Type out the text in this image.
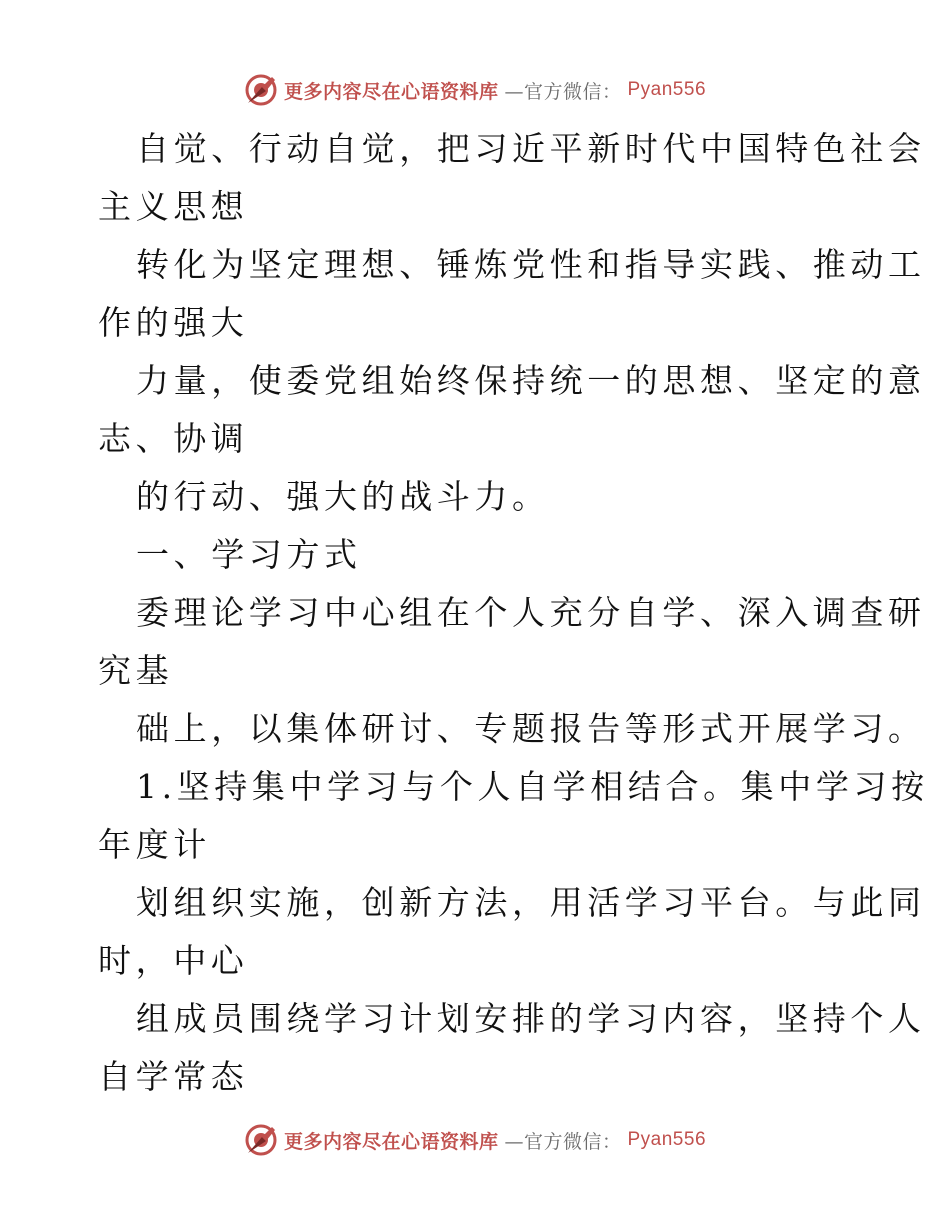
更多内容尽在心语资料库 —官方微信： Pyan556
自觉、行动自觉，把习近平新时代中国特色社会
主义思想
转化为坚定理想、锤炼党性和指导实践、推动工
作的强大
力量，使委党组始终保持统一的思想、坚定的意
志、协调
的行动、强大的战斗力。
一、学习方式
委理论学习中心组在个人充分自学、深入调查研
究基
础上，以集体研讨、专题报告等形式开展学习。
1.坚持集中学习与个人自学相结合。集中学习按
年度计
划组织实施，创新方法，用活学习平台。与此同
时，中心
组成员围绕学习计划安排的学习内容，坚持个人
自学常态
更多内容尽在心语资料库 —官方微信： Pyan556
